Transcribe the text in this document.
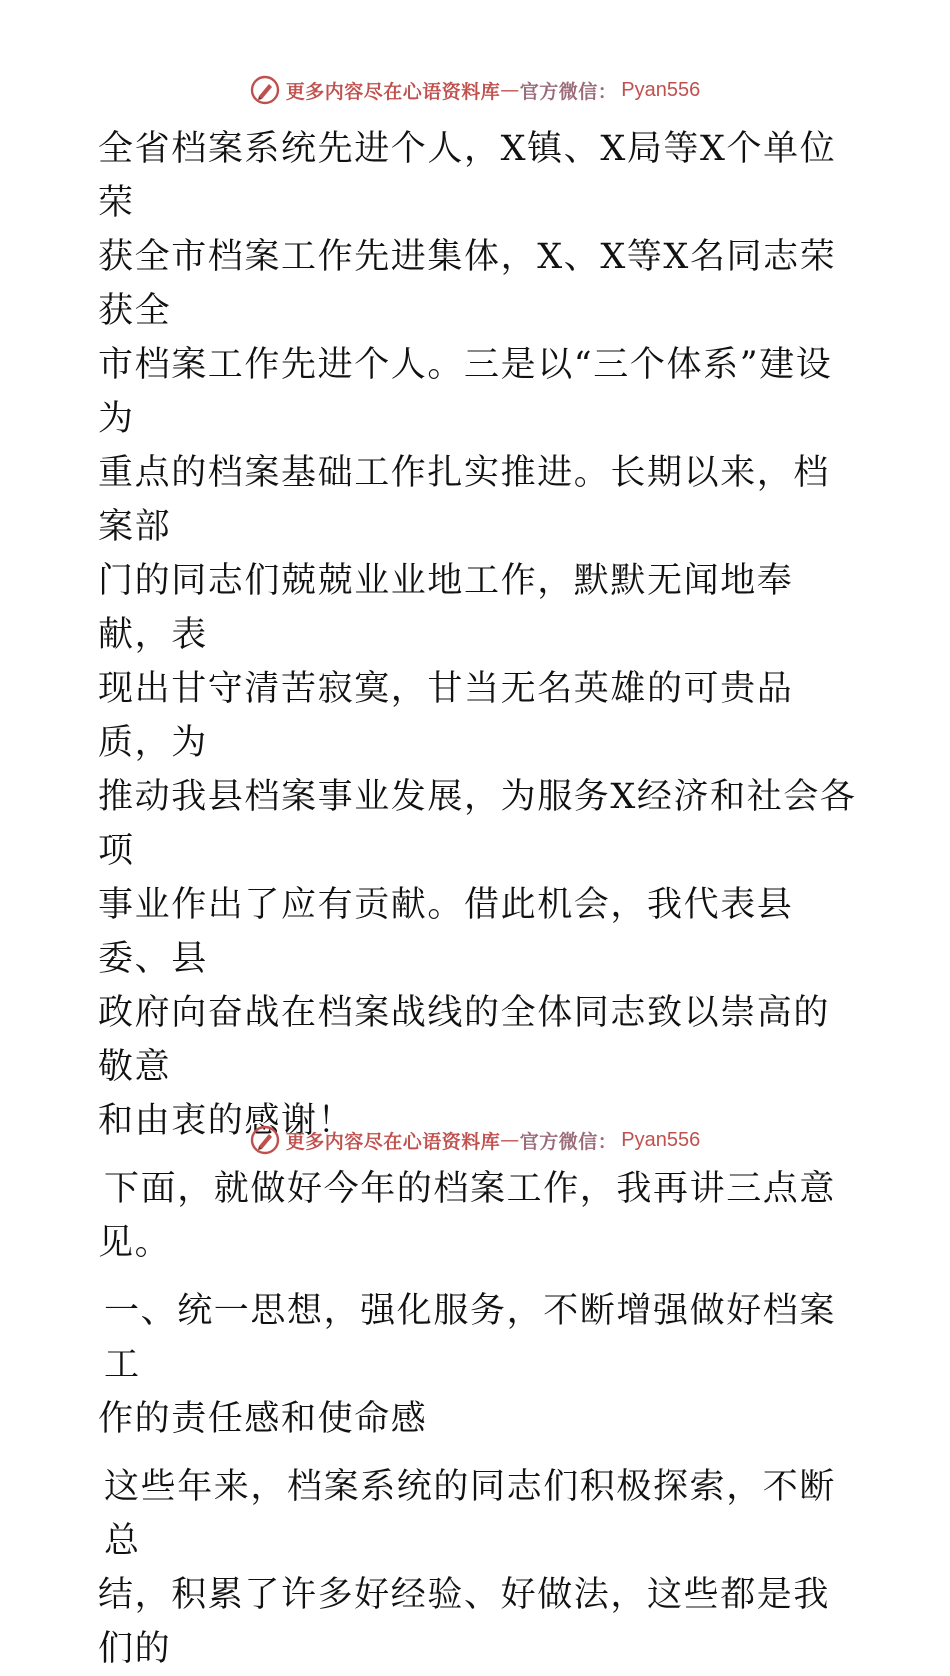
更多内容尽在心语资料库 — 官方微信： Pyan556

全省档案系统先进个人，X镇、X局等X个单位荣

获全市档案工作先进集体，X、X等X名同志荣获全

市档案工作先进个人。三是以“三个体系”建设为

重点的档案基础工作扎实推进。长期以来，档案部

门的同志们兢兢业业地工作，默默无闻地奉献，表

现出甘守清苦寂寞，甘当无名英雄的可贵品质，为

推动我县档案事业发展，为服务X经济和社会各项

事业作出了应有贡献。借此机会，我代表县委、县

政府向奋战在档案战线的全体同志致以崇高的敬意

和由衷的感谢！

下面，就做好今年的档案工作，我再讲三点意

见。

一、统一思想，强化服务，不断增强做好档案工

作的责任感和使命感

这些年来，档案系统的同志们积极探索，不断总

结，积累了许多好经验、好做法，这些都是我们的

更多内容尽在心语资料库 — 官方微信： Pyan556
